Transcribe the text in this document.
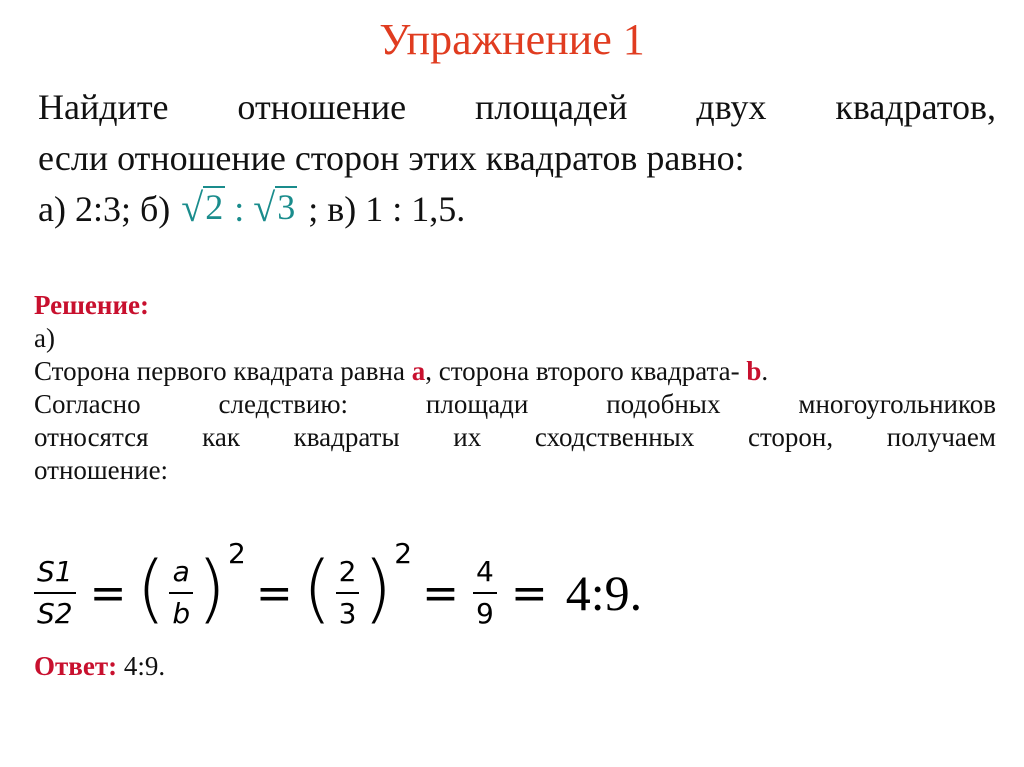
Упражнение 1
Найдите отношение площадей двух квадратов,
если отношение сторон этих квадратов равно:
а) 2:3; б) √ 2 : √ 3 ; в) 1 : 1,5.
Решение:
а)
Сторона первого квадрата равна a, сторона второго квадрата- b.
Согласно	следствию:	площади	подобных	многоугольников
относятся как квадраты их сходственных сторон, получаем
отношение:
$\frac{S1}{S2}$ = ( $\frac{a}{b}$ ) 2
= ( $\frac{2}{3}$ ) 2
= $\frac{4}{9}$ = 4:9.
Ответ: 4:9.
